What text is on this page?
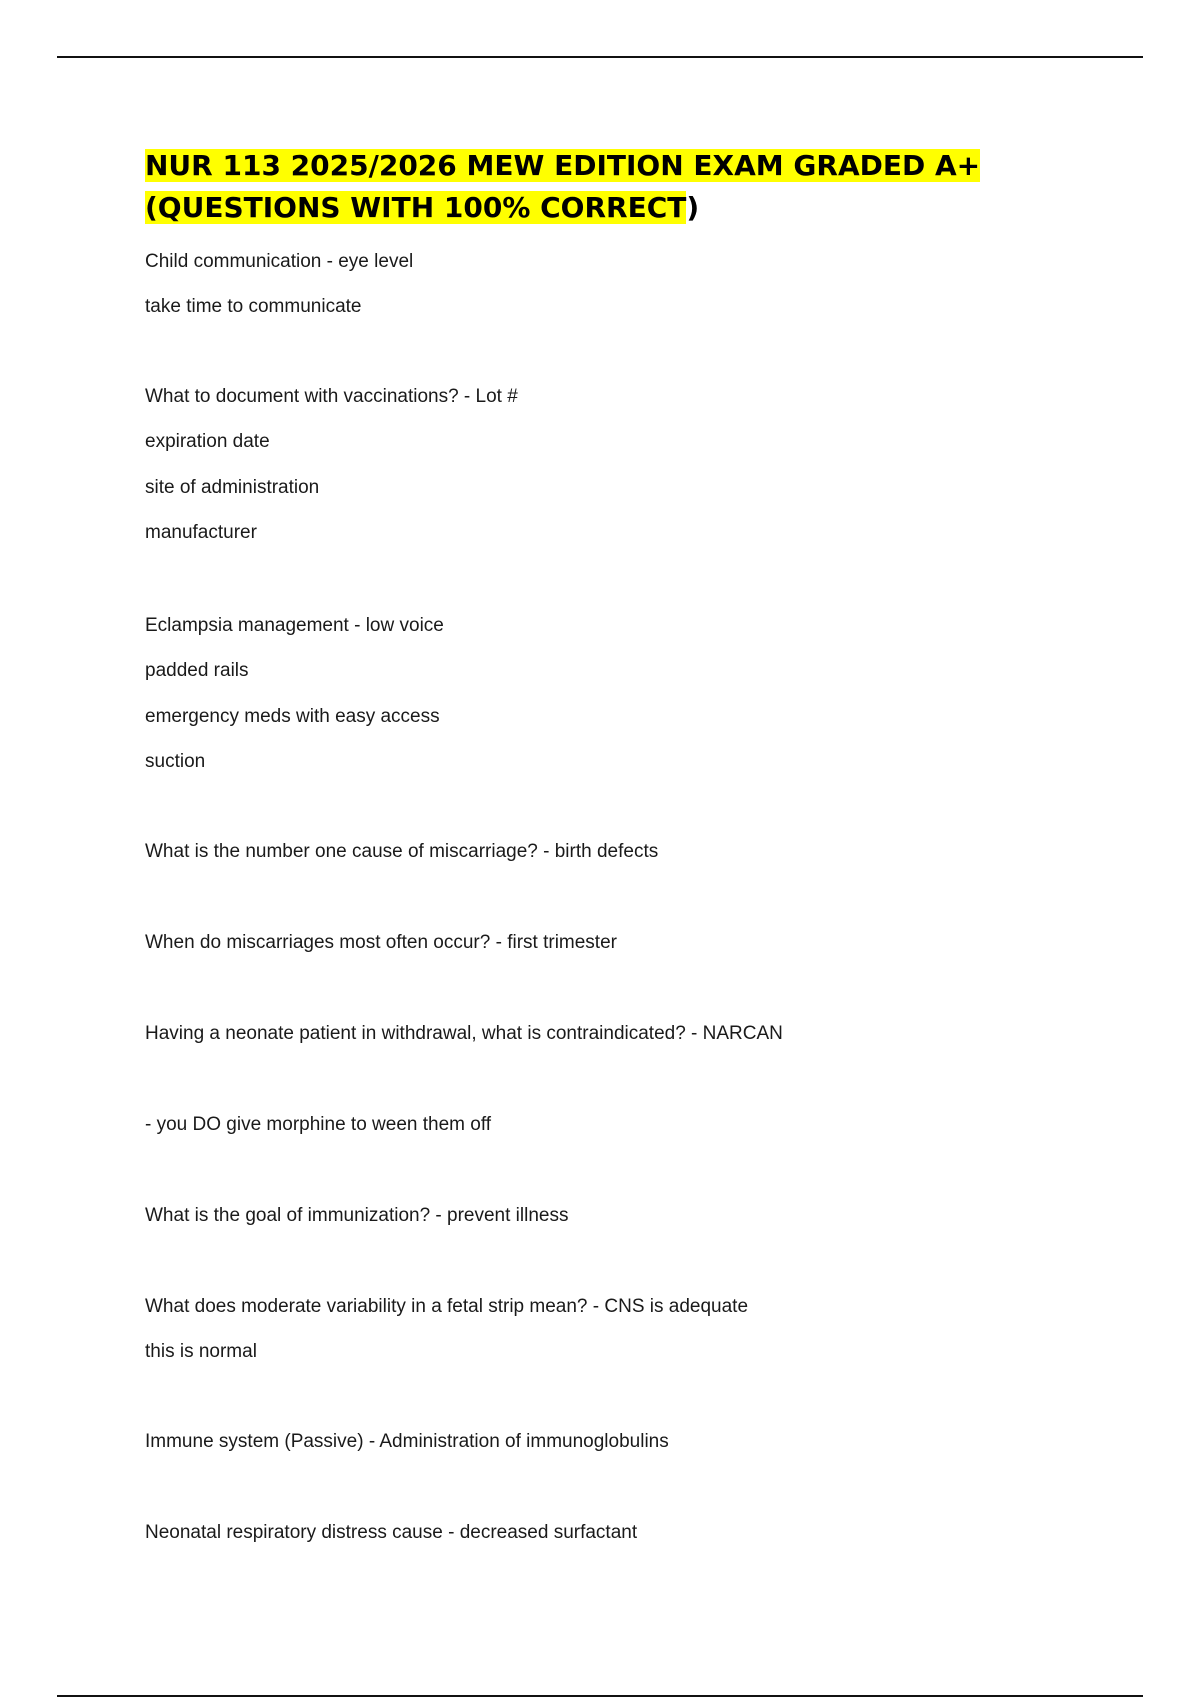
NUR 113 2025/2026 MEW EDITION EXAM GRADED A+ (QUESTIONS WITH 100% CORRECT)

Child communication - eye level

take time to communicate

What to document with vaccinations? - Lot #

expiration date

site of administration

manufacturer

Eclampsia management - low voice

padded rails

emergency meds with easy access

suction

What is the number one cause of miscarriage? - birth defects

When do miscarriages most often occur? - first trimester

Having a neonate patient in withdrawal, what is contraindicated? - NARCAN

- you DO give morphine to ween them off

What is the goal of immunization? - prevent illness

What does moderate variability in a fetal strip mean? - CNS is adequate

this is normal

Immune system (Passive) - Administration of immunoglobulins

Neonatal respiratory distress cause - decreased surfactant
